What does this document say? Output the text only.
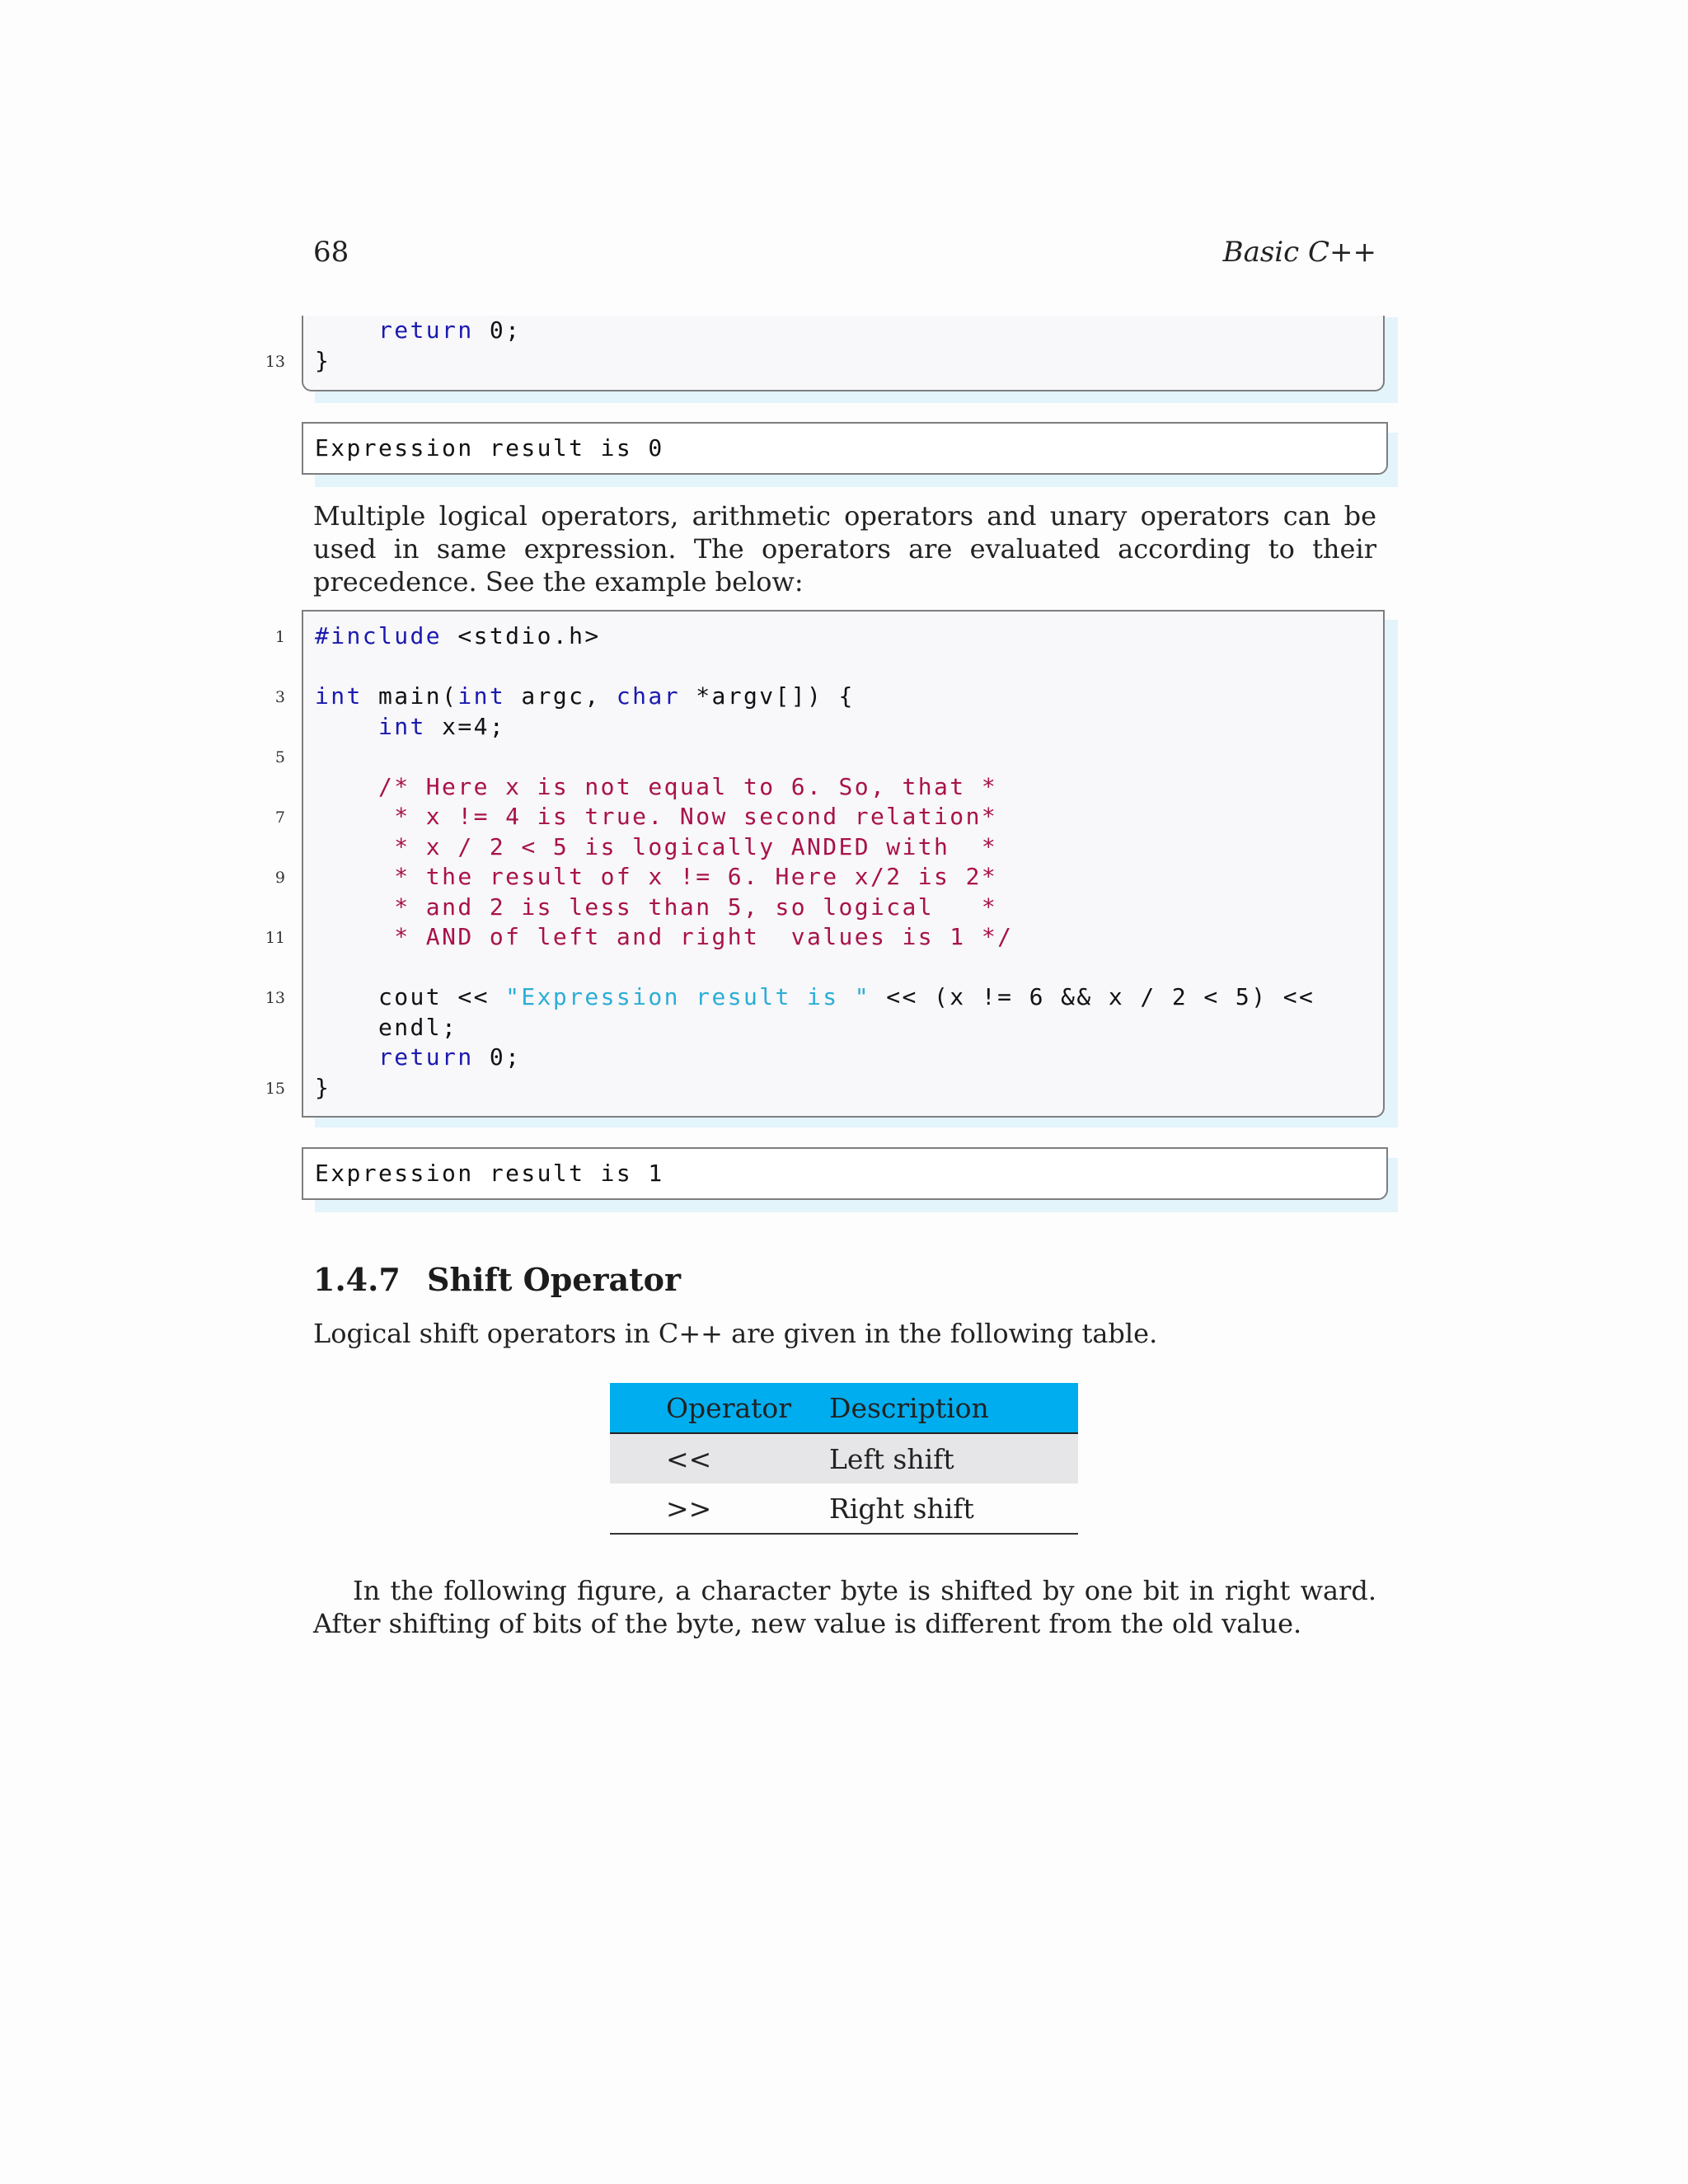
68	Basic C++
return 0;
13 }
Expression result is 0
Multiple logical operators, arithmetic operators and unary operators can be used in same expression. The operators are evaluated according to their precedence. See the example below:
1 #include <stdio.h>
3 int main(int argc, char *argv[]) {
int x=4;
5
/* Here x is not equal to 6. So, that *
7	* x != 4 is true. Now second relation*
* x / 2 < 5 is logically ANDED with  *
9	* the result of x != 6. Here x/2 is 2*
* and 2 is less than 5, so logical   *
11	* AND of left and right  values is 1 */
13 cout << "Expression result is " << (x != 6 && x / 2 < 5) <<
endl;
return 0;
15 }
Expression result is 1
1.4.7 Shift Operator
Logical shift operators in C++ are given in the following table.
Operator	Description
<<	Left shift
>>	Right shift
In the following figure, a character byte is shifted by one bit in right ward. After shifting of bits of the byte, new value is different from the old value.
